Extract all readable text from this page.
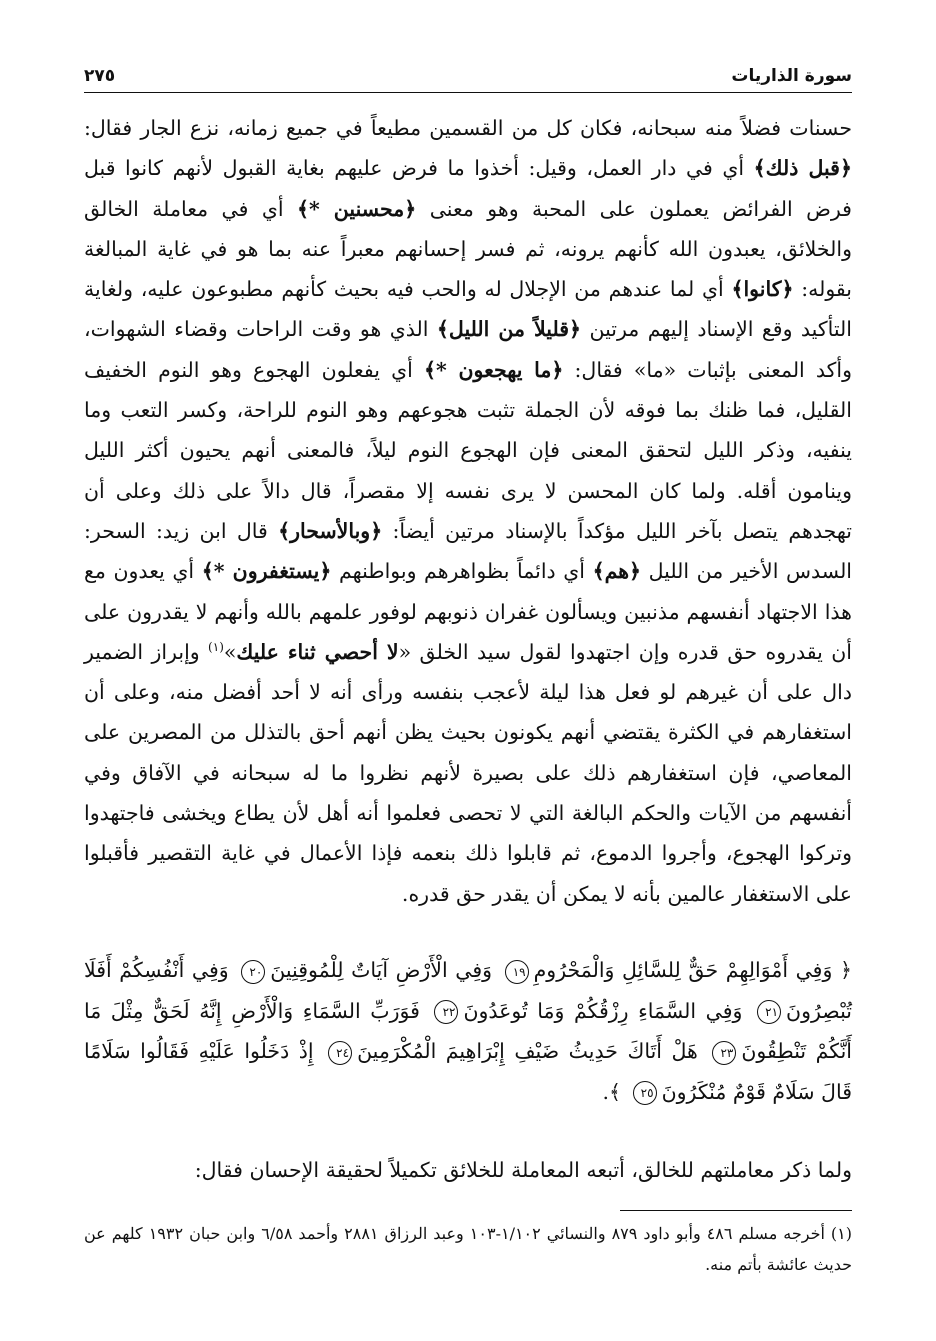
سورة الذاريات
٢٧٥

حسنات فضلاً منه سبحانه، فكان كل من القسمين مطيعاً في جميع زمانه، نزع الجار فقال: ﴿قبل ذلك﴾ أي في دار العمل، وقيل: أخذوا ما فرض عليهم بغاية القبول لأنهم كانوا قبل فرض الفرائض يعملون على المحبة وهو معنى ﴿محسنين *﴾ أي في معاملة الخالق والخلائق، يعبدون الله كأنهم يرونه، ثم فسر إحسانهم معبراً عنه بما هو في غاية المبالغة بقوله: ﴿كانوا﴾ أي لما عندهم من الإجلال له والحب فيه بحيث كأنهم مطبوعون عليه، ولغاية التأكيد وقع الإسناد إليهم مرتين ﴿قليلاً من الليل﴾ الذي هو وقت الراحات وقضاء الشهوات، وأكد المعنى بإثبات «ما» فقال: ﴿ما يهجعون *﴾ أي يفعلون الهجوع وهو النوم الخفيف القليل، فما ظنك بما فوقه لأن الجملة تثبت هجوعهم وهو النوم للراحة، وكسر التعب وما ينفيه، وذكر الليل لتحقق المعنى فإن الهجوع النوم ليلاً، فالمعنى أنهم يحيون أكثر الليل وينامون أقله. ولما كان المحسن لا يرى نفسه إلا مقصراً، قال دالاً على ذلك وعلى أن تهجدهم يتصل بآخر الليل مؤكداً بالإسناد مرتين أيضاً: ﴿وبالأسحار﴾ قال ابن زيد: السحر: السدس الأخير من الليل ﴿هم﴾ أي دائماً بظواهرهم وبواطنهم ﴿يستغفرون *﴾ أي يعدون مع هذا الاجتهاد أنفسهم مذنبين ويسألون غفران ذنوبهم لوفور علمهم بالله وأنهم لا يقدرون على أن يقدروه حق قدره وإن اجتهدوا لقول سيد الخلق «لا أحصي ثناء عليك»$^{(١)}$ وإبراز الضمير دال على أن غيرهم لو فعل هذا ليلة لأعجب بنفسه ورأى أنه لا أحد أفضل منه، وعلى أن استغفارهم في الكثرة يقتضي أنهم يكونون بحيث يظن أنهم أحق بالتذلل من المصرين على المعاصي، فإن استغفارهم ذلك على بصيرة لأنهم نظروا ما له سبحانه في الآفاق وفي أنفسهم من الآيات والحكم البالغة التي لا تحصى فعلموا أنه أهل لأن يطاع ويخشى فاجتهدوا وتركوا الهجوع، وأجروا الدموع، ثم قابلوا ذلك بنعمه فإذا الأعمال في غاية التقصير فأقبلوا على الاستغفار عالمين بأنه لا يمكن أن يقدر حق قدره.

﴿ وَفِي أَمْوَالِهِمْ حَقٌّ لِلسَّائِلِ وَالْمَحْرُومِ١٩ وَفِي الْأَرْضِ آيَاتٌ لِلْمُوقِنِينَ٢٠ وَفِي أَنْفُسِكُمْ أَفَلَا تُبْصِرُونَ٢١ وَفِي السَّمَاءِ رِزْقُكُمْ وَمَا تُوعَدُونَ٢٢ فَوَرَبِّ السَّمَاءِ وَالْأَرْضِ إِنَّهُ لَحَقٌّ مِثْلَ مَا أَنَّكُمْ تَنْطِقُونَ٢٣ هَلْ أَتَاكَ حَدِيثُ ضَيْفِ إِبْرَاهِيمَ الْمُكْرَمِينَ٢٤ إِذْ دَخَلُوا عَلَيْهِ فَقَالُوا سَلَامًا قَالَ سَلَامٌ قَوْمٌ مُنْكَرُونَ٢٥ ﴾.
ولما ذكر معاملتهم للخالق، أتبعه المعاملة للخلائق تكميلاً لحقيقة الإحسان فقال:
(١) أخرجه مسلم ٤٨٦ وأبو داود ٨٧٩ والنسائي ١/١٠٢-١٠٣ وعبد الرزاق ٢٨٨١ وأحمد ٦/٥٨ وابن حبان ١٩٣٢ كلهم عن حديث عائشة بأتم منه.
